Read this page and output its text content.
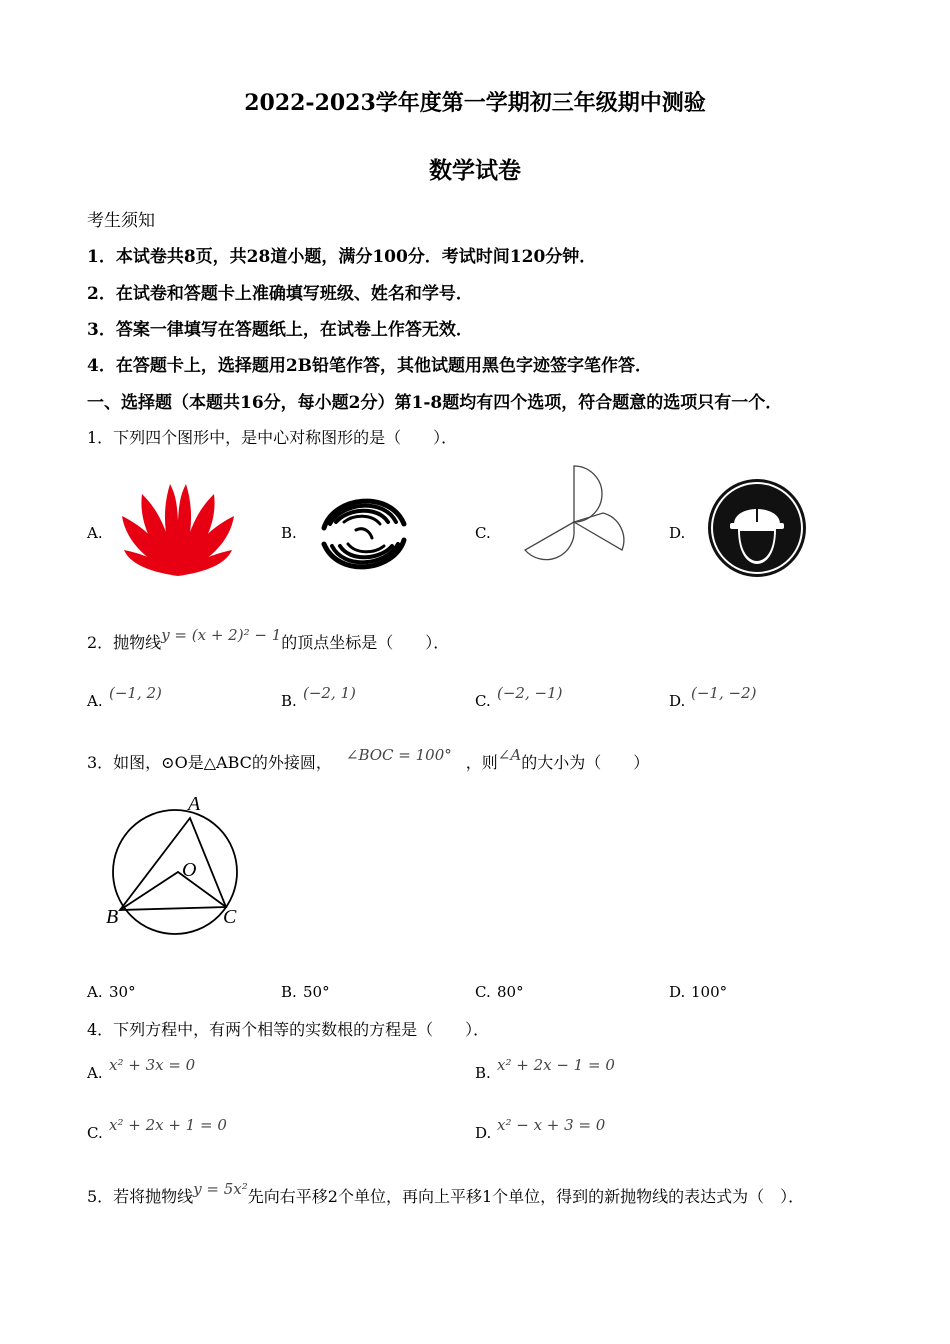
2022-2023学年度第一学期初三年级期中测验
数学试卷
考生须知
1．本试卷共8页，共28道小题，满分100分．考试时间120分钟．
2．在试卷和答题卡上准确填写班级、姓名和学号．
3．答案一律填写在答题纸上，在试卷上作答无效．
4．在答题卡上，选择题用2B铅笔作答，其他试题用黑色字迹签字笔作答．
一、选择题（本题共16分，每小题2分）第1-8题均有四个选项，符合题意的选项只有一个．
1．下列四个图形中，是中心对称图形的是（　　）．
A.	B.	C.	D.
2．抛物线y = (x + 2)² − 1的顶点坐标是（　　）．
A. (−1, 2)	B. (−2, 1)	C. (−2, −1)	D. (−1, −2)
3．如图，⊙O是△ABC的外接圆， ∠BOC = 100° ，则∠A的大小为（　　）
A
B	C
O
A. 30°	B. 50°	C. 80°	D. 100°
4．下列方程中，有两个相等的实数根的方程是（　　）．
A. x² + 3x = 0	B. x² + 2x − 1 = 0
C. x² + 2x + 1 = 0	D. x² − x + 3 = 0
5．若将抛物线y = 5x²先向右平移2个单位，再向上平移1个单位，得到的新抛物线的表达式为（　）．
